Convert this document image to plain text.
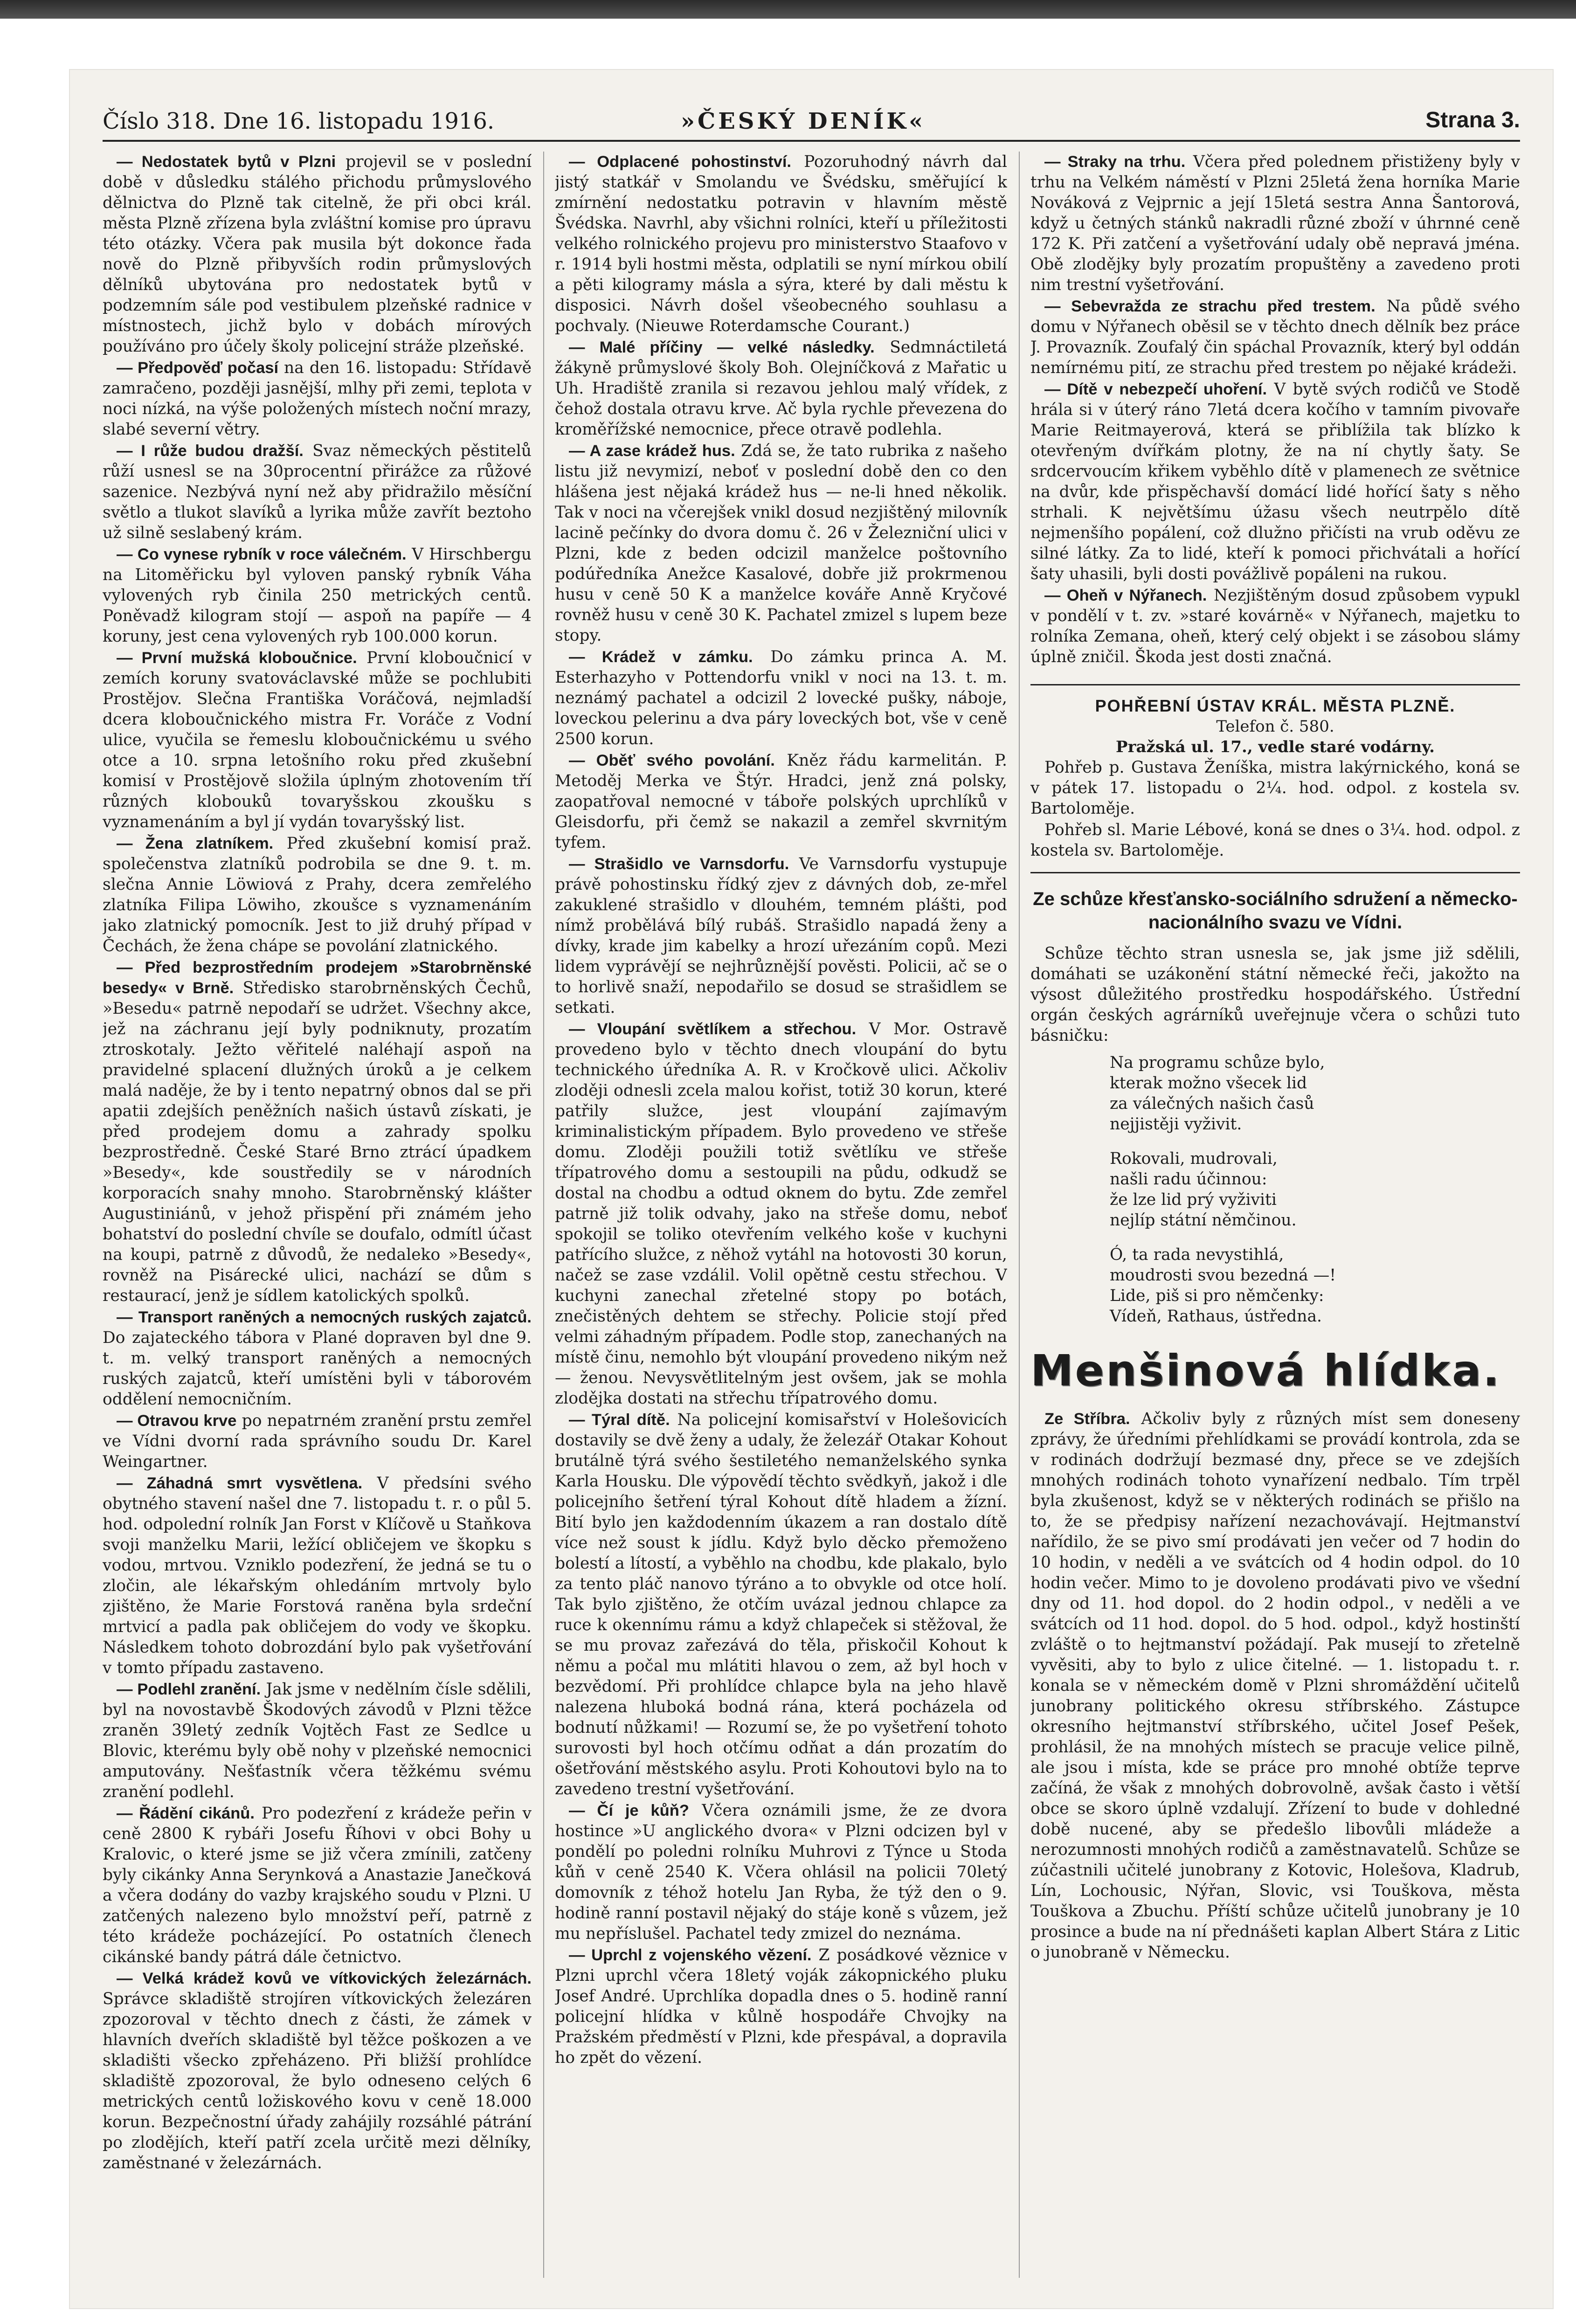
Číslo 318. Dne 16. listopadu 1916.	»ČESKÝ DENÍK«	Strana 3.

— Nedostatek bytů v Plzni projevil se v poslední době v důsledku stálého přichodu průmyslového dělnictva do Plzně tak citelně, že při obci král. města Plzně zřízena byla zvláštní komise pro úpravu této otázky. Včera pak musila být dokonce řada nově do Plzně přibyvších rodin průmyslových dělníků ubytována pro nedostatek bytů v podzemním sále pod vestibulem plzeňské radnice v místnostech, jichž bylo v dobách mírových používáno pro účely školy policejní stráže plzeňské.

— Předpověď počasí na den 16. listopadu: Střídavě zamračeno, později jasnější, mlhy při zemi, teplota v noci nízká, na výše položených místech noční mrazy, slabé severní větry.

— I růže budou dražší. Svaz německých pěstitelů růží usnesl se na 30procentní přirážce za růžové sazenice. Nezbývá nyní než aby přidražilo měsíční světlo a tlukot slavíků a lyrika může zavřít beztoho už silně seslabený krám.

— Co vynese rybník v roce válečném. V Hirschbergu na Litoměřicku byl vyloven panský rybník Váha vylovených ryb činila 250 metrických centů. Poněvadž kilogram stojí — aspoň na papíře — 4 koruny, jest cena vylovených ryb 100.000 korun.

— První mužská kloboučnice. První kloboučnicí v zemích koruny svatováclavské může se pochlubiti Prostějov. Slečna Františka Voráčová, nejmladší dcera kloboučnického mistra Fr. Voráče z Vodní ulice, vyučila se řemeslu kloboučnickému u svého otce a 10. srpna letošního roku před zkušební komisí v Prostějově složila úplným zhotovením tří různých klobouků tovaryšskou zkoušku s vyznamenáním a byl jí vydán tovaryšský list.

— Žena zlatníkem. Před zkušební komisí praž. společenstva zlatníků podrobila se dne 9. t. m. slečna Annie Löwiová z Prahy, dcera zemřelého zlatníka Filipa Löwiho, zkoušce s vyznamenáním jako zlatnický pomocník. Jest to již druhý případ v Čechách, že žena chápe se povolání zlatnického.

— Před bezprostředním prodejem »Starobrněnské besedy« v Brně. Středisko starobrněnských Čechů, »Besedu« patrně nepodaří se udržet. Všechny akce, jež na záchranu její byly podniknuty, prozatím ztroskotaly. Ježto věřitelé naléhají aspoň na pravidelné splacení dlužných úroků a je celkem malá naděje, že by i tento nepatrný obnos dal se při apatii zdejších peněžních našich ústavů získati, je před prodejem domu a zahrady spolku bezprostředně. České Staré Brno ztrácí úpadkem »Besedy«, kde soustředily se v národních korporacích snahy mnoho. Starobrněnský klášter Augustiniánů, v jehož přispění při známém jeho bohatství do poslední chvíle se doufalo, odmítl účast na koupi, patrně z důvodů, že nedaleko »Besedy«, rovněž na Pisárecké ulici, nachází se dům s restaurací, jenž je sídlem katolických spolků.

— Transport raněných a nemocných ruských zajatců. Do zajateckého tábora v Plané dopraven byl dne 9. t. m. velký transport raněných a nemocných ruských zajatců, kteří umístěni byli v táborovém oddělení nemocničním.

— Otravou krve po nepatrném zranění prstu zemřel ve Vídni dvorní rada správního soudu Dr. Karel Weingartner.

— Záhadná smrt vysvětlena. V předsíni svého obytného stavení našel dne 7. listopadu t. r. o půl 5. hod. odpolední rolník Jan Forst v Klíčově u Staňkova svoji manželku Marii, ležící obličejem ve škopku s vodou, mrtvou. Vzniklo podezření, že jedná se tu o zločin, ale lékařským ohledáním mrtvoly bylo zjištěno, že Marie Forstová raněna byla srdeční mrtvicí a padla pak obličejem do vody ve škopku. Následkem tohoto dobrozdání bylo pak vyšetřování v tomto případu zastaveno.

— Podlehl zranění. Jak jsme v nedělním čísle sdělili, byl na novostavbě Škodových závodů v Plzni těžce zraněn 39letý zedník Vojtěch Fast ze Sedlce u Blovic, kterému byly obě nohy v plzeňské nemocnici amputovány. Nešťastník včera těžkému svému zranění podlehl.

— Řádění cikánů. Pro podezření z krádeže peřin v ceně 2800 K rybáři Josefu Říhovi v obci Bohy u Kralovic, o které jsme se již včera zmínili, zatčeny byly cikánky Anna Serynková a Anastazie Janečková a včera dodány do vazby krajského soudu v Plzni. U zatčených nalezeno bylo množství peří, patrně z této krádeže pocházející. Po ostatních členech cikánské bandy pátrá dále četnictvo.

— Velká krádež kovů ve vítkovických železárnách. Správce skladiště strojíren vítkovických železáren zpozoroval v těchto dnech z části, že zámek v hlavních dveřích skladiště byl těžce poškozen a ve skladišti všecko zpřeházeno. Při bližší prohlídce skladiště zpozoroval, že bylo odneseno celých 6 metrických centů ložiskového kovu v ceně 18.000 korun. Bezpečnostní úřady zahájily rozsáhlé pátrání po zlodějích, kteří patří zcela určitě mezi dělníky, zaměstnané v železárnách.

— Odplacené pohostinství. Pozoruhodný návrh dal jistý statkář v Smolandu ve Švédsku, směřující k zmírnění nedostatku potravin v hlavním městě Švédska. Navrhl, aby všichni rolníci, kteří u příležitosti velkého rolnického projevu pro ministerstvo Staafovo v r. 1914 byli hostmi města, odplatili se nyní mírkou obilí a pěti kilogramy másla a sýra, které by dali městu k disposici. Návrh došel všeobecného souhlasu a pochvaly. (Nieuwe Roterdamsche Courant.)

— Malé příčiny — velké následky. Sedmnáctiletá žákyně průmyslové školy Boh. Olejníčková z Mařatic u Uh. Hradiště zranila si rezavou jehlou malý vřídek, z čehož dostala otravu krve. Ač byla rychle převezena do kroměřížské nemocnice, přece otravě podlehla.

— A zase krádež hus. Zdá se, že tato rubrika z našeho listu již nevymizí, neboť v poslední době den co den hlášena jest nějaká krádež hus — ne-li hned několik. Tak v noci na včerejšek vnikl dosud nezjištěný milovník lacině pečínky do dvora domu č. 26 v Železniční ulici v Plzni, kde z beden odcizil manželce poštovního podúředníka Anežce Kasalové, dobře již prokrmenou husu v ceně 50 K a manželce kováře Anně Kryčové rovněž husu v ceně 30 K. Pachatel zmizel s lupem beze stopy.

— Krádež v zámku. Do zámku princa A. M. Esterhazyho v Pottendorfu vnikl v noci na 13. t. m. neznámý pachatel a odcizil 2 lovecké pušky, náboje, loveckou pelerinu a dva páry loveckých bot, vše v ceně 2500 korun.

— Oběť svého povolání. Kněz řádu karmelitán. P. Metoděj Merka ve Štýr. Hradci, jenž zná polsky, zaopatřoval nemocné v táboře polských uprchlíků v Gleisdorfu, při čemž se nakazil a zemřel skvrnitým tyfem.

— Strašidlo ve Varnsdorfu. Ve Varnsdorfu vystupuje právě pohostinsku řídký zjev z dávných dob, ze-mřel zakuklené strašidlo v dlouhém, temném plášti, pod nímž probělává bílý rubáš. Strašidlo napadá ženy a dívky, krade jim kabelky a hrozí uřezáním copů. Mezi lidem vyprávějí se nejhrůznější pověsti. Policii, ač se o to horlivě snaží, nepodařilo se dosud se strašidlem se setkati.

— Vloupání světlíkem a střechou. V Mor. Ostravě provedeno bylo v těchto dnech vloupání do bytu technického úředníka A. R. v Kročkově ulici. Ačkoliv zloději odnesli zcela malou kořist, totiž 30 korun, které patřily služce, jest vloupání zajímavým kriminalistickým případem. Bylo provedeno ve střeše domu. Zloději použili totiž světlíku ve střeše třípatrového domu a sestoupili na půdu, odkudž se dostal na chodbu a odtud oknem do bytu. Zde zemřel patrně již tolik odvahy, jako na střeše domu, neboť spokojil se toliko otevřením velkého koše v kuchyni patřícího služce, z něhož vytáhl na hotovosti 30 korun, načež se zase vzdálil. Volil opětně cestu střechou. V kuchyni zanechal zřetelné stopy po botách, znečistěných dehtem se střechy. Policie stojí před velmi záhadným případem. Podle stop, zanechaných na místě činu, nemohlo být vloupání provedeno nikým než — ženou. Nevysvětlitelným jest ovšem, jak se mohla zlodějka dostati na střechu třípatrového domu.

— Týral dítě. Na policejní komisařství v Holešovicích dostavily se dvě ženy a udaly, že železář Otakar Kohout brutálně týrá svého šestiletého nemanželského synka Karla Housku. Dle výpovědí těchto svědkyň, jakož i dle policejního šetření týral Kohout dítě hladem a žízní. Bití bylo jen každodenním úkazem a ran dostalo dítě více než soust k jídlu. Když bylo děcko přemoženo bolestí a lítostí, a vyběhlo na chodbu, kde plakalo, bylo za tento pláč nanovo týráno a to obvykle od otce holí. Tak bylo zjištěno, že otčím uvázal jednou chlapce za ruce k okennímu rámu a když chlapeček si stěžoval, že se mu provaz zařezává do těla, přiskočil Kohout k němu a počal mu mlátiti hlavou o zem, až byl hoch v bezvědomí. Při prohlídce chlapce byla na jeho hlavě nalezena hluboká bodná rána, která pocházela od bodnutí nůžkami! — Rozumí se, že po vyšetření tohoto surovosti byl hoch otčímu odňat a dán prozatím do ošetřování městského asylu. Proti Kohoutovi bylo na to zavedeno trestní vyšetřování.

— Čí je kůň? Včera oznámili jsme, že ze dvora hostince »U anglického dvora« v Plzni odcizen byl v pondělí po poledni rolníku Muhrovi z Týnce u Stoda kůň v ceně 2540 K. Včera ohlásil na policii 70letý domovník z téhož hotelu Jan Ryba, že týž den o 9. hodině ranní postavil nějaký do stáje koně s vůzem, jež mu nepříslušel. Pachatel tedy zmizel do neznáma.

— Uprchl z vojenského vězení. Z posádkové věznice v Plzni uprchl včera 18letý voják zákopnického pluku Josef André. Uprchlíka dopadla dnes o 5. hodině ranní policejní hlídka v kůlně hospodáře Chvojky na Pražském předměstí v Plzni, kde přespával, a dopravila ho zpět do vězení.

— Straky na trhu. Včera před polednem přistiženy byly v trhu na Velkém náměstí v Plzni 25letá žena horníka Marie Nováková z Vejprnic a její 15letá sestra Anna Šantorová, když u četných stánků nakradli různé zboží v úhrnné ceně 172 K. Při zatčení a vyšetřování udaly obě nepravá jména. Obě zlodějky byly prozatím propuštěny a zavedeno proti nim trestní vyšetřování.

— Sebevražda ze strachu před trestem. Na půdě svého domu v Nýřanech oběsil se v těchto dnech dělník bez práce J. Provazník. Zoufalý čin spáchal Provazník, který byl oddán nemírnému pití, ze strachu před trestem po nějaké krádeži.

— Dítě v nebezpečí uhoření. V bytě svých rodičů ve Stodě hrála si v úterý ráno 7letá dcera kočího v tamním pivovaře Marie Reitmayerová, která se přiblížila tak blízko k otevřeným dvířkám plotny, že na ní chytly šaty. Se srdcervoucím křikem vyběhlo dítě v plamenech ze světnice na dvůr, kde přispěchavší domácí lidé hořící šaty s něho strhali. K největšímu úžasu všech neutrpělo dítě nejmenšího popálení, což dlužno přičísti na vrub oděvu ze silné látky. Za to lidé, kteří k pomoci přichvátali a hořící šaty uhasili, byli dosti povážlivě popáleni na rukou.

— Oheň v Nýřanech. Nezjištěným dosud způsobem vypukl v pondělí v t. zv. »staré kovárně« v Nýřanech, majetku to rolníka Zemana, oheň, který celý objekt i se zásobou slámy úplně zničil. Škoda jest dosti značná.

POHŘEBNÍ ÚSTAV KRÁL. MĚSTA PLZNĚ.
Telefon č. 580.
Pražská ul. 17., vedle staré vodárny.

Pohřeb p. Gustava Ženíška, mistra lakýrnického, koná se v pátek 17. listopadu o 2¼. hod. odpol. z kostela sv. Bartoloměje.

Pohřeb sl. Marie Lébové, koná se dnes o 3¼. hod. odpol. z kostela sv. Bartoloměje.

Ze schůze křesťansko-sociálního sdružení a německo-nacionálního svazu ve Vídni.

Schůze těchto stran usnesla se, jak jsme již sdělili, domáhati se uzákonění státní německé řeči, jakožto na výsost důležitého prostředku hospodářského. Ústřední orgán českých agrárníků uveřejnuje včera o schůzi tuto básničku:

Na programu schůze bylo,
kterak možno všecek lid
za válečných našich časů
nejjistěji vyživit.
Rokovali, mudrovali,
našli radu účinnou:
že lze lid prý vyživiti
nejlíp státní němčinou.
Ó, ta rada nevystihlá,
moudrosti svou bezedná —!
Lide, piš si pro němčenky:
Vídeň, Rathaus, ústředna.
Menšinová hlídka.

Ze Stříbra. Ačkoliv byly z různých míst sem doneseny zprávy, že úředními přehlídkami se provádí kontrola, zda se v rodinách dodržují bezmasé dny, přece se ve zdejších mnohých rodinách tohoto vynařízení nedbalo. Tím trpěl byla zkušenost, když se v některých rodinách se přišlo na to, že se předpisy nařízení nezachovávají. Hejtmanství nařídilo, že se pivo smí prodávati jen večer od 7 hodin do 10 hodin, v neděli a ve svátcích od 4 hodin odpol. do 10 hodin večer. Mimo to je dovoleno prodávati pivo ve všední dny od 11. hod dopol. do 2 hodin odpol., v neděli a ve svátcích od 11 hod. dopol. do 5 hod. odpol., když hostinští zvláště o to hejtmanství požádají. Pak musejí to zřetelně vyvěsiti, aby to bylo z ulice čitelné. — 1. listopadu t. r. konala se v německém domě v Plzni shromáždění učitelů junobrany politického okresu stříbrského. Zástupce okresního hejtmanství stříbrského, učitel Josef Pešek, prohlásil, že na mnohých místech se pracuje velice pilně, ale jsou i místa, kde se práce pro mnohé obtíže teprve začíná, že však z mnohých dobrovolně, avšak často i větší obce se skoro úplně vzdalují. Zřízení to bude v dohledné době nucené, aby se předešlo libovůli mládeže a nerozumnosti mnohých rodičů a zaměstnavatelů. Schůze se zúčastnili učitelé junobrany z Kotovic, Holešova, Kladrub, Lín, Lochousic, Nýřan, Slovic, vsi Touškova, města Touškova a Zbuchu. Příští schůze učitelů junobrany je 10 prosince a bude na ní přednášeti kaplan Albert Stára z Litic o junobraně v Německu.
